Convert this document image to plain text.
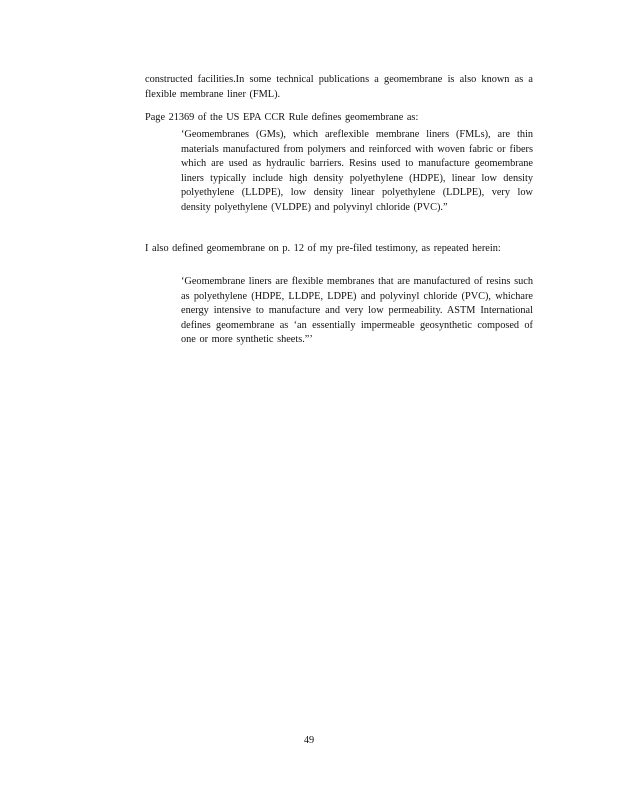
constructed facilities.In some technical publications a geomembrane is also known as a flexible membrane liner (FML).

Page 21369 of the US EPA CCR Rule defines geomembrane as:

‘Geomembranes (GMs), which areflexible membrane liners (FMLs), are thin materials manufactured from polymers and reinforced with woven fabric or fibers which are used as hydraulic barriers. Resins used to manufacture geomembrane liners typically include high density polyethylene (HDPE), linear low density polyethylene (LLDPE), low density linear polyethylene (LDLPE), very low density polyethylene (VLDPE) and polyvinyl chloride (PVC).”

I also defined geomembrane on p. 12 of my pre-filed testimony, as repeated herein:

‘Geomembrane liners are flexible membranes that are manufactured of resins such as polyethylene (HDPE, LLDPE, LDPE) and polyvinyl chloride (PVC), whichare energy intensive to manufacture and very low permeability. ASTM International defines geomembrane as ‘an essentially impermeable geosynthetic composed of one or more synthetic sheets.”’

49
